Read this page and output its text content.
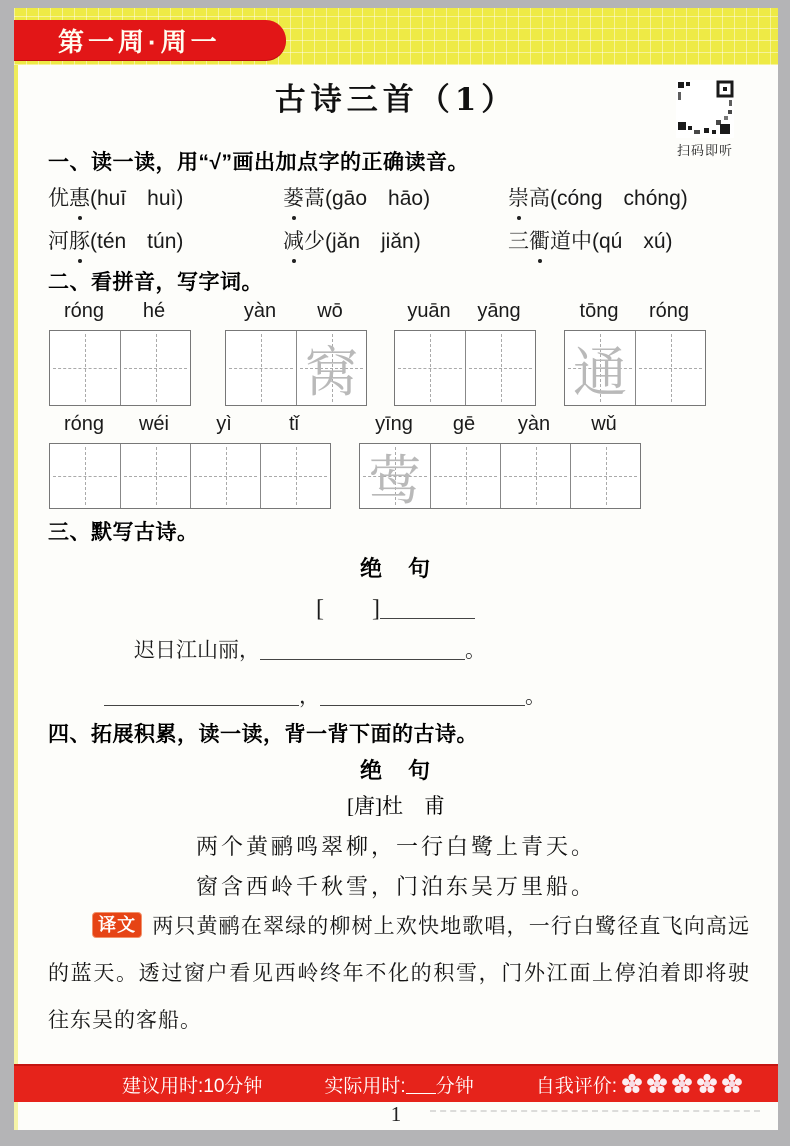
第一周·周一
古诗三首（1）
扫码即听
一、读一读，用“√”画出加点字的正确读音。
优惠(huī　huì)	蒌蒿(gāo　hāo)	崇高(cóng　chóng)
河豚(tén　tún)	减少(jǎn　jiǎn)	三衢道中(qú　xú)
二、看拼音，写字词。
róng	hé	yàn	wō
窝
yuān	yāng	tōng	róng
通
róng	wéi	yì	tǐ	yīng	gē	yàn	wǔ
莺
三、默写古诗。
绝　句
[　　]
迟日江山丽，	。
，	。
四、拓展积累，读一读，背一背下面的古诗。
绝　句
[唐]杜　甫
两个黄鹂鸣翠柳，一行白鹭上青天。
窗含西岭千秋雪，门泊东吴万里船。
译文 两只黄鹂在翠绿的柳树上欢快地歌唱，一行白鹭径直飞向高远的蓝天。透过窗户看见西岭终年不化的积雪，门外江面上停泊着即将驶往东吴的客船。
建议用时:10分钟	实际用时: 分钟	自我评价:
1
